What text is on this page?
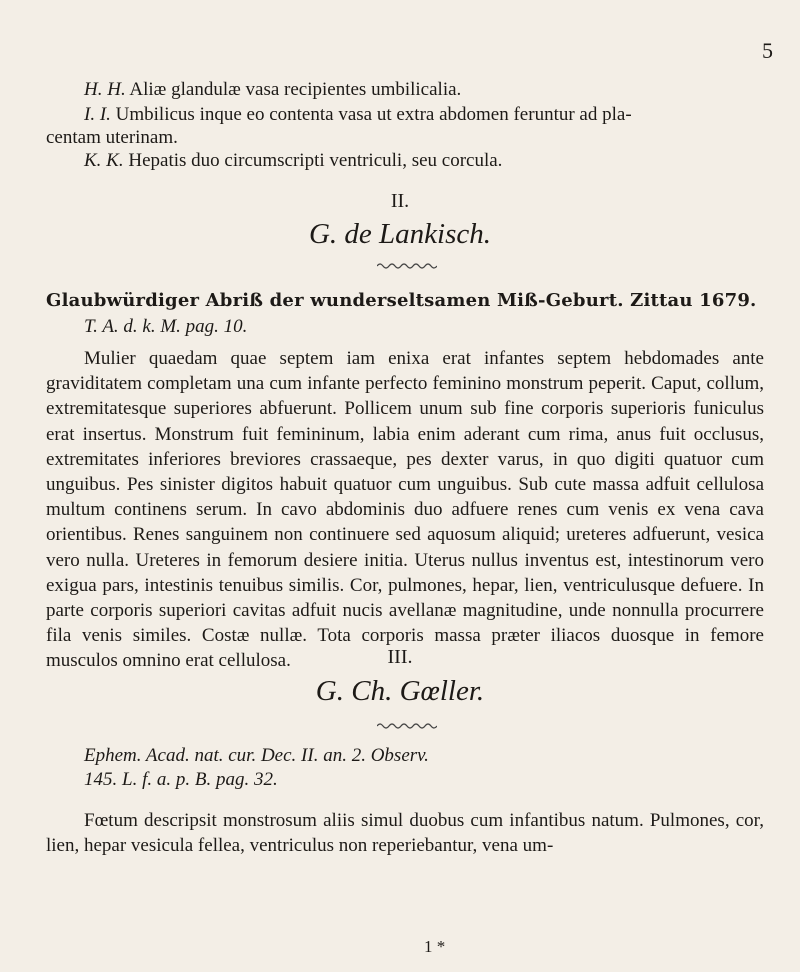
5
H. H. Aliæ glandulæ vasa recipientes umbilicalia.
I. I. Umbilicus inque eo contenta vasa ut extra abdomen feruntur ad pla-
centam uterinam.
K. K. Hepatis duo circumscripti ventriculi, seu corcula.
II.
G. de Lankisch.
Glaubwürdiger Abriß der wunderseltsamen Miß-Geburt. Zittau 1679.
T. A. d. k. M. pag. 10.
Mulier quaedam quae septem iam enixa erat infantes septem hebdomades ante graviditatem completam una cum infante perfecto feminino monstrum peperit. Caput, collum, extremitatesque superiores abfuerunt. Pollicem unum sub fine corporis superioris funiculus erat insertus. Monstrum fuit femininum, labia enim aderant cum rima, anus fuit occlusus, extremitates inferiores breviores crassaeque, pes dexter varus, in quo digiti quatuor cum unguibus. Pes sinister digitos habuit quatuor cum unguibus. Sub cute massa adfuit cellulosa multum continens serum. In cavo abdominis duo adfuere renes cum venis ex vena cava orientibus. Renes sanguinem non continuere sed aquosum aliquid; ureteres adfuerunt, vesica vero nulla. Ureteres in femorum desiere initia. Uterus nullus inventus est, intestinorum vero exigua pars, intestinis tenuibus similis. Cor, pulmones, hepar, lien, ventriculusque defuere. In parte corporis superiori cavitas adfuit nucis avellanæ magnitudine, unde nonnulla procurrere fila venis similes. Costæ nullæ. Tota corporis massa præter iliacos duosque in femore musculos omnino erat cellulosa.	III.
G. Ch. Gœller.
Ephem. Acad. nat. cur. Dec. II. an. 2. Observ. 145. L. f. a. p. B. pag. 32.
Fœtum descripsit monstrosum aliis simul duobus cum infantibus natum. Pulmones, cor, lien, hepar vesicula fellea, ventriculus non reperiebantur, vena um-
1 *
